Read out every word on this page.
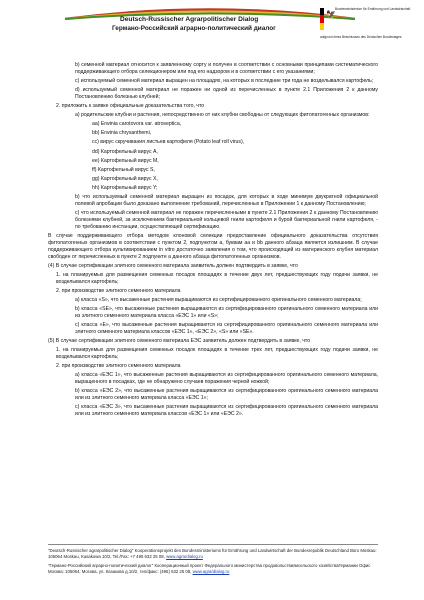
Deutsch-Russischer Agrarpolitischer Dialog
Германо-Российский аграрно-политический диалог
🦅
Bundesministerium für Ernährung und Landwirtschaft
aufgrund eines Beschlusses des Deutschen Bundestages

b) семенной материал относится к заявленному сорту и получен в соответствии с основными принципами систематического поддерживающего отбора селекционером или под его надзором и в соответствии с его указаниями;

c) используемый семенной материал выращен на площадях, на которых в последние три года не возделывался картофель;

d) используемый семенной материал не поражен ни одной из перечисленных в пункте 2.1 Приложения 2 к данному Постановлению болезнью клубней;

2. приложить к заявке официальные доказательства того, что

a) родительские клубни и растения, непосредственно от них клубни свободны от следующих фитопатогенных организмов:

aa) Erwinia carotovora var. atroseptica,

bb) Erwinia chrysanthemi,

cc) вирус скручивания листьев картофеля (Potato leaf roll virus),

dd) Картофельный вирус A,

ee) Картофельный вирус M,

ff) Картофельный вирус S,

gg) Картофельный вирус X,

hh) Картофельный вирус Y;

b) что используемый семенной материал выращен из посадок, для которых в ходе минимум двукратной официальной полевой апробации было доказано выполнение требований, перечисленных в Приложении 1 к данному Постановлению;

c) что используемый семенной материал не поражен перечисленными в пункте 2.1 Приложения 2 к данному Постановлению болезнями клубней, за исключением бактериальной кольцевой гнили картофеля и бурой бактериальной гнили картофеля, - по требованию инстанции, осуществляющей сертификацию.

В случае поддерживающего отбора методом клоновой селекции предоставление официального доказательства отсутствия фитопатогенных организмов в соответствии с пунктом 2, подпунктом a, буквам aa и bb данного абзаца является излишним. В случае поддерживающего отбора культивированием in vitro достаточно заявления о том, что происходящий из материнского клубня материал свободен от перечисленных в пункте 2 подпункте a данного абзаца фитопатогенных организмов.

(4) В случае сертификации элитного семенного материала заявитель должен подтвердить в заявке, что

1. на планируемых для размещения семенных посадок площадях в течение двух лет, предшествующих году подачи заявки, не возделывался картофель;

2. при производстве элитного семенного материала

a) класса «S», что высаженные растения выращиваются из сертифицированного оригинального семенного материала;

b) класса «SE», что высаженные растения выращиваются из сертифицированного оригинального семенного материала или из элитного семенного материала класса «ЕЭС 1» или «S»;

c) класса «E», что высаженные растения выращиваются из сертифицированного оригинального семенного материала или элитного семенного материала классов «ЕЭС 1», «ЕЭС 2», «S» или «SE».

(5) В случае сертификации элитного семенного материала ЕЭС заявитель должен подтвердить в заявке, что

1. на планируемых для размещения семенных посадок площадях в течение трех лет, предшествующих году подачи заявки, не возделывался картофель;

2. при производстве элитного семенного материала

a) класса «ЕЭС 1», что высаженные растения выращиваются из сертифицированного оригинального семенного материала, выращенного в посадках, где не обнаружено случаев поражения черной ножкой;

b) класса «ЕЭС 2», что высаженные растения выращиваются из сертифицированного оригинального семенного материала или из элитного семенного материала класса «ЕЭС 1»;

c) класса «ЕЭС 3», что высаженные растения выращиваются из сертифицированного оригинального семенного материала или из элитного семенного материала классов «ЕЭС 1» или «ЕЭС 2».

"Deutsch-Russischer agrarpolitischer Dialog" Kooperationsprojekt des Bundesministeriums für Ernährung und Landwirtschaft der Bundesrepublik Deutschland Büro Moskau: 105064 Moskau, Kasakowa 10/2, Tel./Fax: +7 495 632 25 08, www.agrardialog.ru

"Германо-Российский аграрно-политический диалог" Кооперационный проект Федерального министерства продовольствияисельского хозяйстваГермании Офис Москва: 105064, Москва, ул. Казакова д.10/2, тел/факс: (495) 632 25 08, www.agrardialog.ru
